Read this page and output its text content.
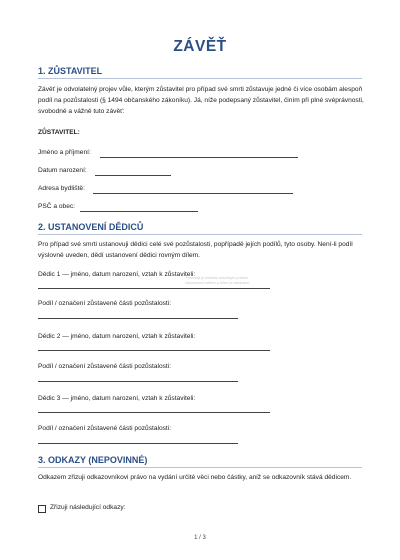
ZÁVĚŤ
1. ZŮSTAVITEL
Závěť je odvolatelný projev vůle, kterým zůstavitel pro případ své smrti zůstavuje jedné či více osobám alespoň podíl na pozůstalosti (§ 1494 občanského zákoníku). Já, níže podepsaný zůstavitel, činím při plné svéprávnosti, svobodně a vážně tuto závěť:
ZŮSTAVITEL:
Jméno a příjmení:
Datum narození:
Adresa bydliště:
PSČ a obec:
2. USTANOVENÍ DĚDICŮ
Pro případ své smrti ustanovuji dědici celé své pozůstalosti, popřípadě jejích podílů, tyto osoby. Není-li podíl výslovně uveden, dědí ustanovení dědici rovným dílem.
Dědic 1 — jméno, datum narození, vztah k zůstaviteli:
Formulář je chráněn autorským právem
Nepovolené sdílení a šíření je zakázáno
Podíl / označení zůstavené části pozůstalosti:
Dědic 2 — jméno, datum narození, vztah k zůstaviteli:
Podíl / označení zůstavené části pozůstalosti:
Dědic 3 — jméno, datum narození, vztah k zůstaviteli:
Podíl / označení zůstavené části pozůstalosti:
3. ODKAZY (NEPOVINNÉ)
Odkazem zřizuji odkazovníkovi právo na vydání určité věci nebo částky, aniž se odkazovník stává dědicem.
Zřizuji následující odkazy:
1 / 3
